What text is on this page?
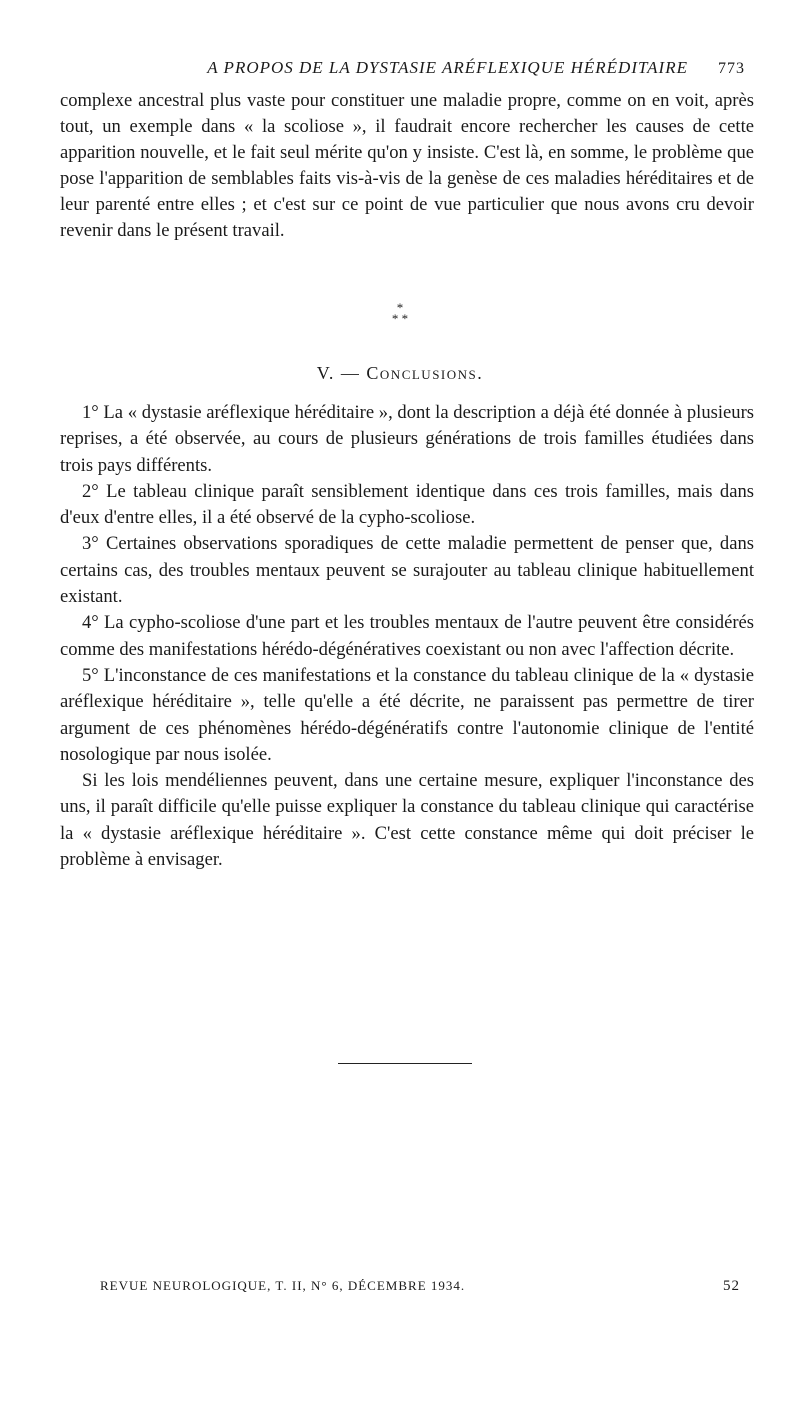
A PROPOS DE LA DYSTASIE ARÉFLEXIQUE HÉRÉDITAIRE 773

complexe ancestral plus vaste pour constituer une maladie propre, comme on en voit, après tout, un exemple dans « la scoliose », il faudrait encore rechercher les causes de cette apparition nouvelle, et le fait seul mérite qu'on y insiste. C'est là, en somme, le problème que pose l'apparition de semblables faits vis-à-vis de la genèse de ces maladies héréditaires et de leur parenté entre elles ; et c'est sur ce point de vue particulier que nous avons cru devoir revenir dans le présent travail.

*
* *
V. — Conclusions.

1° La « dystasie aréflexique héréditaire », dont la description a déjà été donnée à plusieurs reprises, a été observée, au cours de plusieurs générations de trois familles étudiées dans trois pays différents.

2° Le tableau clinique paraît sensiblement identique dans ces trois familles, mais dans d'eux d'entre elles, il a été observé de la cypho-scoliose.

3° Certaines observations sporadiques de cette maladie permettent de penser que, dans certains cas, des troubles mentaux peuvent se surajouter au tableau clinique habituellement existant.

4° La cypho-scoliose d'une part et les troubles mentaux de l'autre peuvent être considérés comme des manifestations hérédo-dégénératives coexistant ou non avec l'affection décrite.

5° L'inconstance de ces manifestations et la constance du tableau clinique de la « dystasie aréflexique héréditaire », telle qu'elle a été décrite, ne paraissent pas permettre de tirer argument de ces phénomènes hérédo-dégénératifs contre l'autonomie clinique de l'entité nosologique par nous isolée.

Si les lois mendéliennes peuvent, dans une certaine mesure, expliquer l'inconstance des uns, il paraît difficile qu'elle puisse expliquer la constance du tableau clinique qui caractérise la « dystasie aréflexique héréditaire ». C'est cette constance même qui doit préciser le problème à envisager.

REVUE NEUROLOGIQUE, T. II, N° 6, DÉCEMBRE 1934.	52
